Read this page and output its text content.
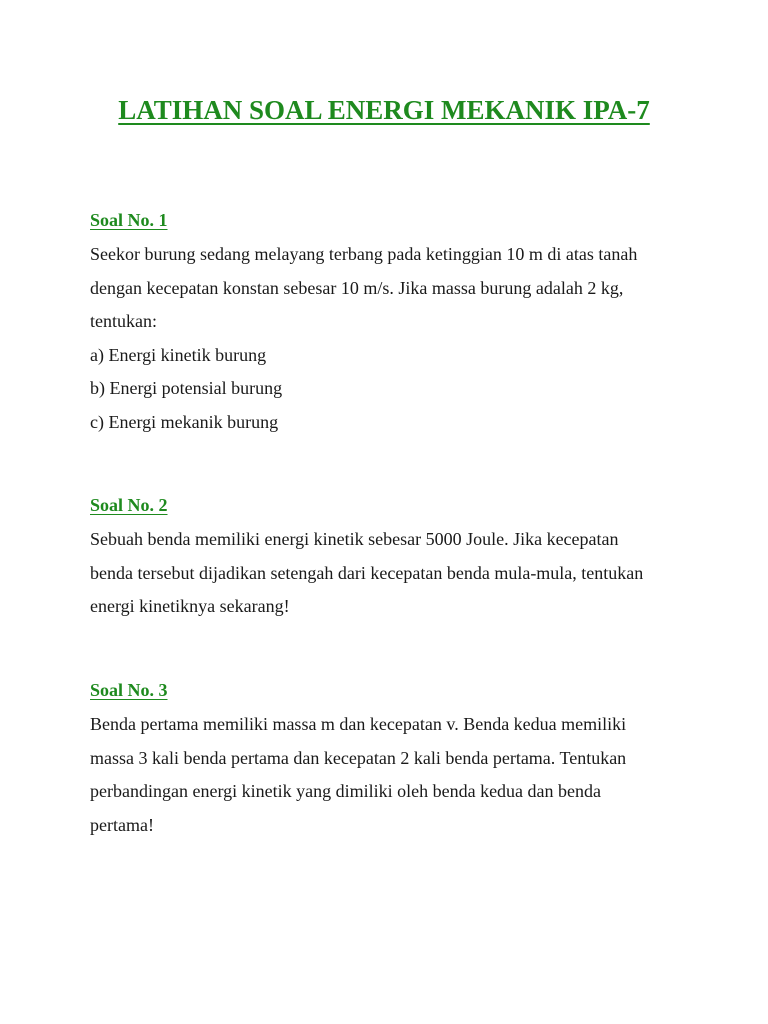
LATIHAN SOAL ENERGI MEKANIK IPA-7
Soal No. 1

Seekor burung sedang melayang terbang pada ketinggian 10 m di atas tanah

dengan kecepatan konstan sebesar 10 m/s. Jika massa burung adalah 2 kg,

tentukan:

a) Energi kinetik burung

b) Energi potensial burung

c) Energi mekanik burung

Soal No. 2

Sebuah benda memiliki energi kinetik sebesar 5000 Joule. Jika kecepatan

benda tersebut dijadikan setengah dari kecepatan benda mula-mula, tentukan

energi kinetiknya sekarang!

Soal No. 3

Benda pertama memiliki massa m dan kecepatan v. Benda kedua memiliki

massa 3 kali benda pertama dan kecepatan 2 kali benda pertama. Tentukan

perbandingan energi kinetik yang dimiliki oleh benda kedua dan benda

pertama!
